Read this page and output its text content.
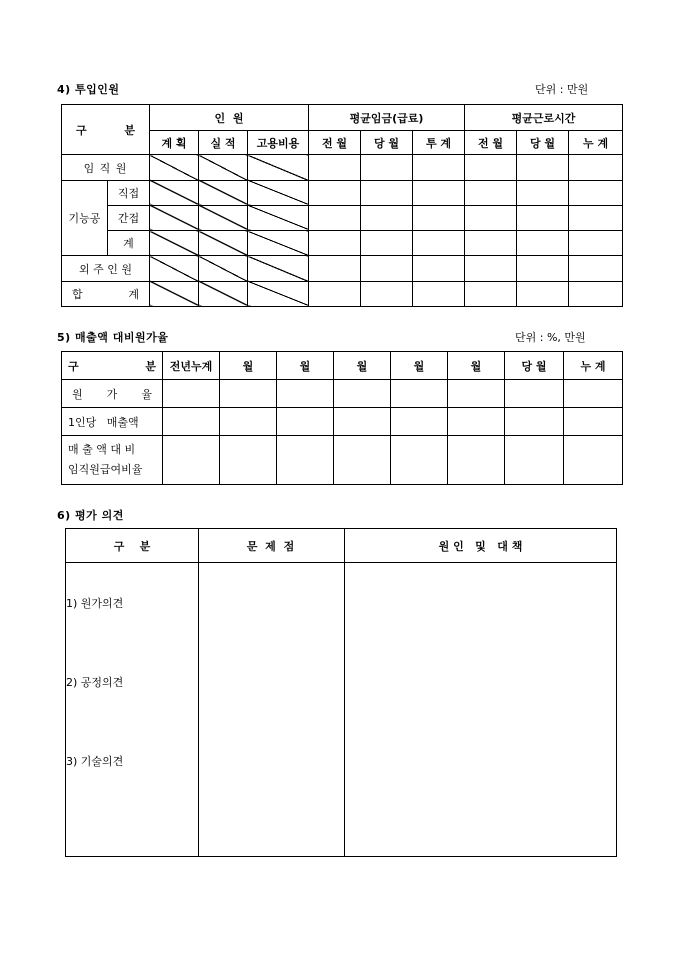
4) 투입인원	단위 : 만원
구 분		인  원			평균임금(급료)			평균근로시간		
		계 획	실 적	고용비용	전 월	당 월	투 계	전 월	당 월	누 계
임 직 원										
기능공	직접									
	간접									
	계									
외 주 인 원										

합 계										

5) 매출액 대비원가율	단위 : %, 만원
구 분	전년누계	월	월	월	월	월	당 월	누 계

원 가 율								

1인당   매출액								

매 출 액 대 비
임직원급여비율								

6) 평가 의견
구    분	문 제 점	원 인   및   대 책

1) 원가의견
2) 공정의견
3) 기술의견		
